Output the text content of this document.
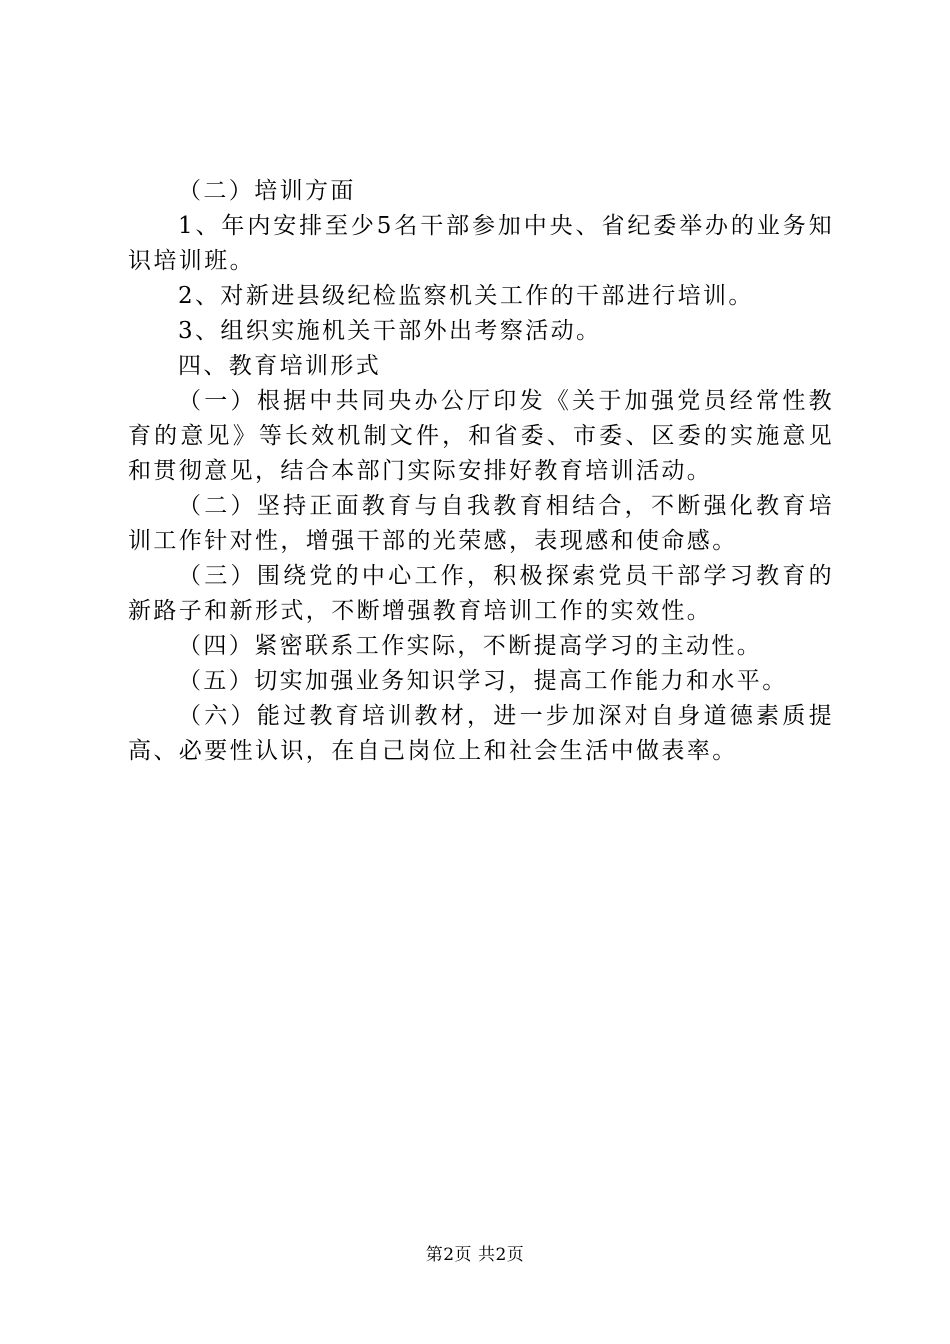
（二）培训方面

1、年内安排至少5名干部参加中央、省纪委举办的业务知识培训班。

2、对新进县级纪检监察机关工作的干部进行培训。

3、组织实施机关干部外出考察活动。

四、教育培训形式

（一）根据中共同央办公厅印发《关于加强党员经常性教育的意见》等长效机制文件，和省委、市委、区委的实施意见和贯彻意见，结合本部门实际安排好教育培训活动。

（二）坚持正面教育与自我教育相结合，不断强化教育培训工作针对性，增强干部的光荣感，表现感和使命感。

（三）围绕党的中心工作，积极探索党员干部学习教育的新路子和新形式，不断增强教育培训工作的实效性。

（四）紧密联系工作实际，不断提高学习的主动性。

（五）切实加强业务知识学习，提高工作能力和水平。

（六）能过教育培训教材，进一步加深对自身道德素质提高、必要性认识，在自己岗位上和社会生活中做表率。

第2页 共2页
